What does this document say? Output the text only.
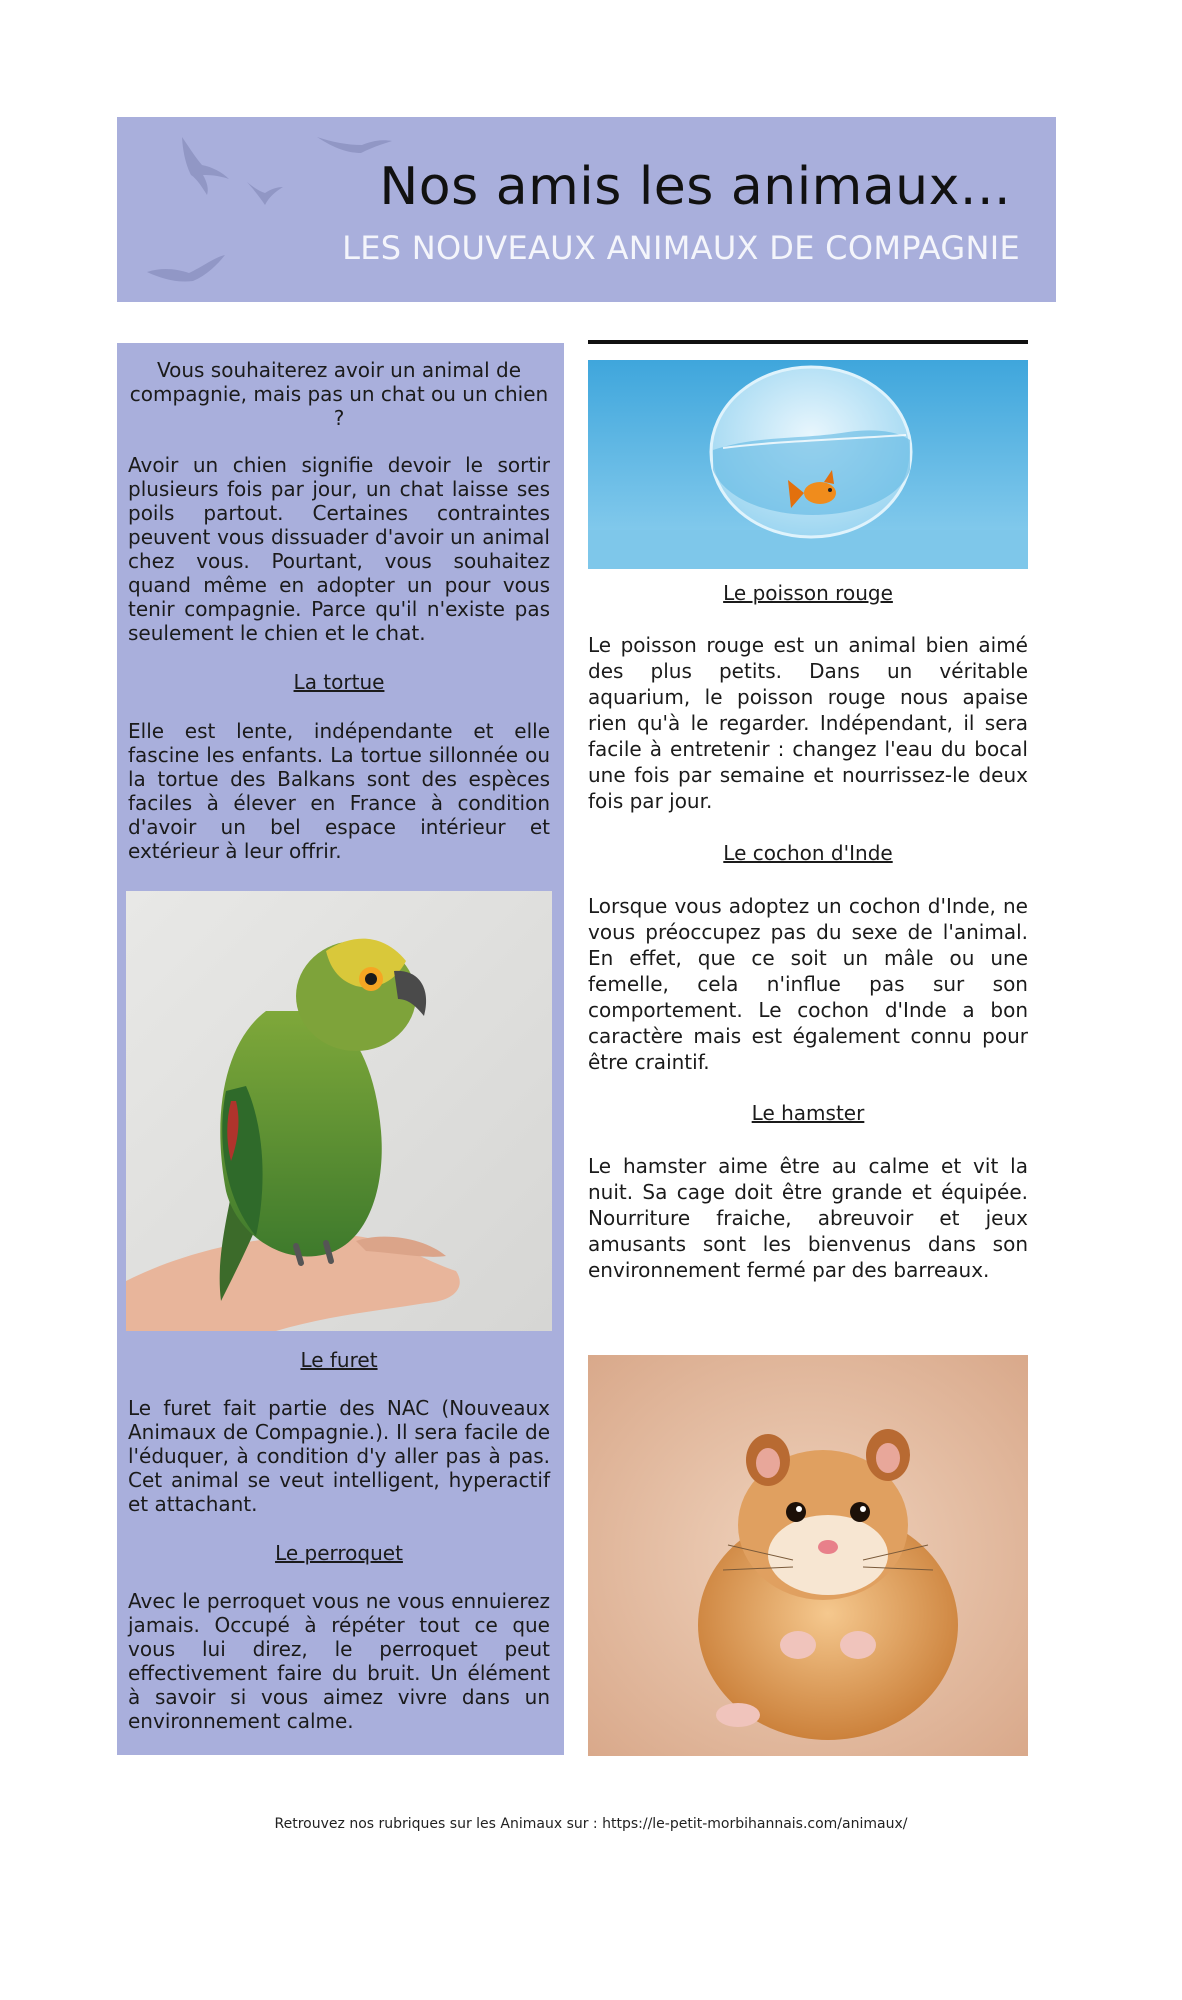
Nos amis les animaux...
LES NOUVEAUX ANIMAUX DE COMPAGNIE

Vous souhaiterez avoir un animal de compagnie, mais pas un chat ou un chien ?

Avoir un chien signifie devoir le sortir plusieurs fois par jour, un chat laisse ses poils partout. Certaines contraintes peuvent vous dissuader d'avoir un animal chez vous. Pourtant, vous souhaitez quand même en adopter un pour vous tenir compagnie. Parce qu'il n'existe pas seulement le chien et le chat.

La tortue

Elle est lente, indépendante et elle fascine les enfants. La tortue sillonnée ou la tortue des Balkans sont des espèces faciles à élever en France à condition d'avoir un bel espace intérieur et extérieur à leur offrir.

Le furet

Le furet fait partie des NAC (Nouveaux Animaux de Compagnie.). Il sera facile de l'éduquer, à condition d'y aller pas à pas. Cet animal se veut intelligent, hyperactif et attachant.

Le perroquet

Avec le perroquet vous ne vous ennuierez jamais. Occupé à répéter tout ce que vous lui direz, le perroquet peut effectivement faire du bruit. Un élément à savoir si vous aimez vivre dans un environnement calme.

Le poisson rouge

Le poisson rouge est un animal bien aimé des plus petits. Dans un véritable aquarium, le poisson rouge nous apaise rien qu'à le regarder. Indépendant, il sera facile à entretenir : changez l'eau du bocal une fois par semaine et nourrissez-le deux fois par jour.

Le cochon d'Inde

Lorsque vous adoptez un cochon d'Inde, ne vous préoccupez pas du sexe de l'animal. En effet, que ce soit un mâle ou une femelle, cela n'influe pas sur son comportement. Le cochon d'Inde a bon caractère mais est également connu pour être craintif.

Le hamster

Le hamster aime être au calme et vit la nuit. Sa cage doit être grande et équipée. Nourriture fraiche, abreuvoir et jeux amusants sont les bienvenus dans son environnement fermé par des barreaux.

Retrouvez nos rubriques sur les Animaux sur : https://le-petit-morbihannais.com/animaux/
